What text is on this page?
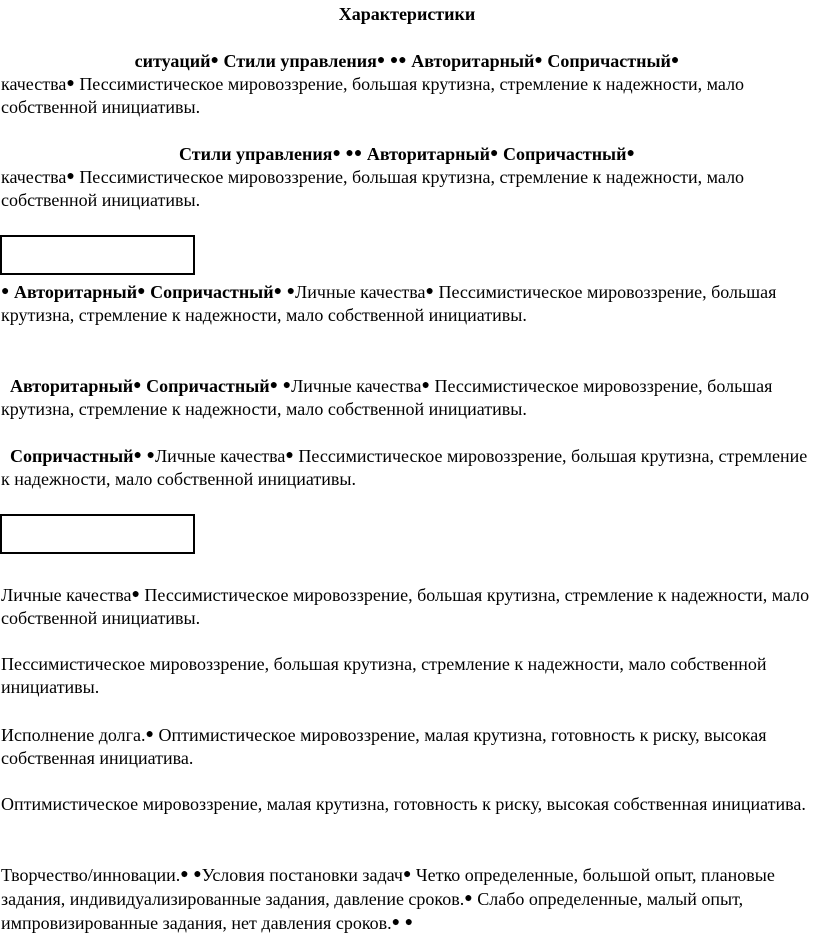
Характеристики

ситуаций● Стили управления● ●● Авторитарный● Сопричастный●

качества● Пессимистическое мировоззрение, большая крутизна, стремление к надежности, мало собственной инициативы.

Стили управления● ●● Авторитарный● Сопричастный●

качества● Пессимистическое мировоззрение, большая крутизна, стремление к надежности, мало собственной инициативы.

● Авторитарный● Сопричастный● ●Личные качества● Пессимистическое мировоззрение, большая крутизна, стремление к надежности, мало собственной инициативы.

Авторитарный● Сопричастный● ●Личные качества● Пессимистическое мировоззрение, большая крутизна, стремление к надежности, мало собственной инициативы.

Сопричастный● ●Личные качества● Пессимистическое мировоззрение, большая крутизна, стремление к надежности, мало собственной инициативы.

Личные качества● Пессимистическое мировоззрение, большая крутизна, стремление к надежности, мало собственной инициативы.

Пессимистическое мировоззрение, большая крутизна, стремление к надежности, мало собственной инициативы.

Исполнение долга.● Оптимистическое мировоззрение, малая крутизна, готовность к риску, высокая собственная инициатива.

Оптимистическое мировоззрение, малая крутизна, готовность к риску, высокая собственная инициатива.

Творчество/инновации.● ●Условия постановки задач● Четко определенные, большой опыт, плановые задания, индивидуализированные задания, давление сроков.● Слабо определенные, малый опыт, импровизированные задания, нет давления сроков.● ●
